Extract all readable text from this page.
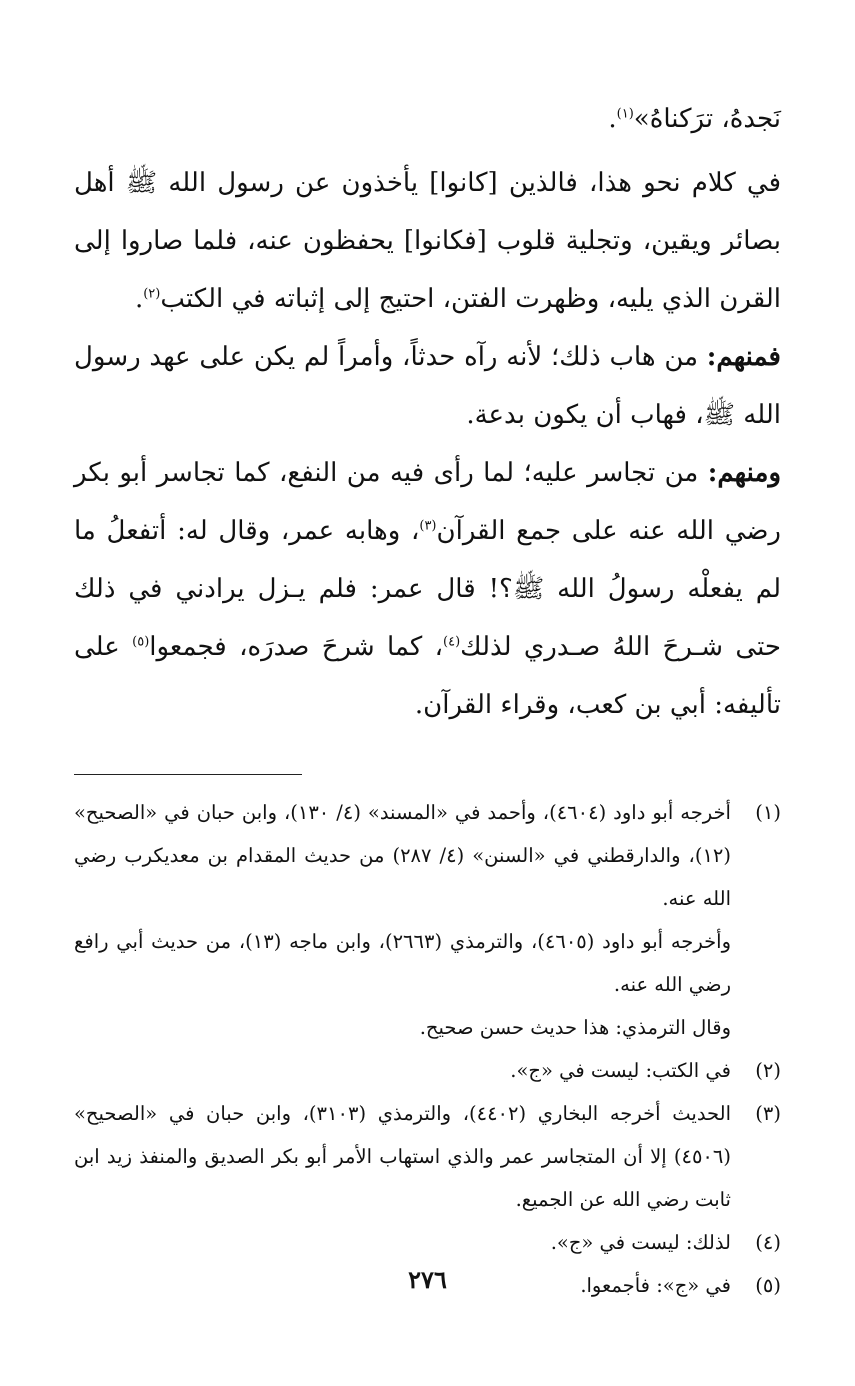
نَجدهُ، ترَكناهُ»$^{(١)}$.

في كلام نحو هذا، فالذين [كانوا] يأخذون عن رسول الله ﷺ أهل بصائر ويقين، وتجلية قلوب [فكانوا] يحفظون عنه، فلما صاروا إلى القرن الذي يليه، وظهرت الفتن، احتيج إلى إثباته في الكتب$^{(٢)}$.

فمنهم: من هاب ذلك؛ لأنه رآه حدثاً، وأمراً لم يكن على عهد رسول الله ﷺ، فهاب أن يكون بدعة.

ومنهم: من تجاسر عليه؛ لما رأى فيه من النفع، كما تجاسر أبو بكر رضي الله عنه على جمع القرآن$^{(٣)}$، وهابه عمر، وقال له: أتفعلُ ما لم يفعلْه رسولُ الله ﷺ؟! قال عمر: فلم يـزل يرادني في ذلك حتى شـرحَ اللهُ صـدري لذلك$^{(٤)}$، كما شرحَ صدرَه، فجمعوا$^{(٥)}$ على تأليفه: أبي بن كعب، وقراء القرآن.

(١)
أخرجه أبو داود (٤٦٠٤)، وأحمد في «المسند» (٤/ ١٣٠)، وابن حبان في «الصحيح» (١٢)، والدارقطني في «السنن» (٤/ ٢٨٧) من حديث المقدام بن معديكرب رضي الله عنه.
وأخرجه أبو داود (٤٦٠٥)، والترمذي (٢٦٦٣)، وابن ماجه (١٣)، من حديث أبي رافع رضي الله عنه.
وقال الترمذي: هذا حديث حسن صحيح.
(٢)
في الكتب: ليست في «ج».
(٣)
الحديث أخرجه البخاري (٤٤٠٢)، والترمذي (٣١٠٣)، وابن حبان في «الصحيح» (٤٥٠٦) إلا أن المتجاسر عمر والذي استهاب الأمر أبو بكر الصديق والمنفذ زيد ابن ثابت رضي الله عن الجميع.
(٤)
لذلك: ليست في «ج».
(٥)
في «ج»: فأجمعوا.
٢٧٦
